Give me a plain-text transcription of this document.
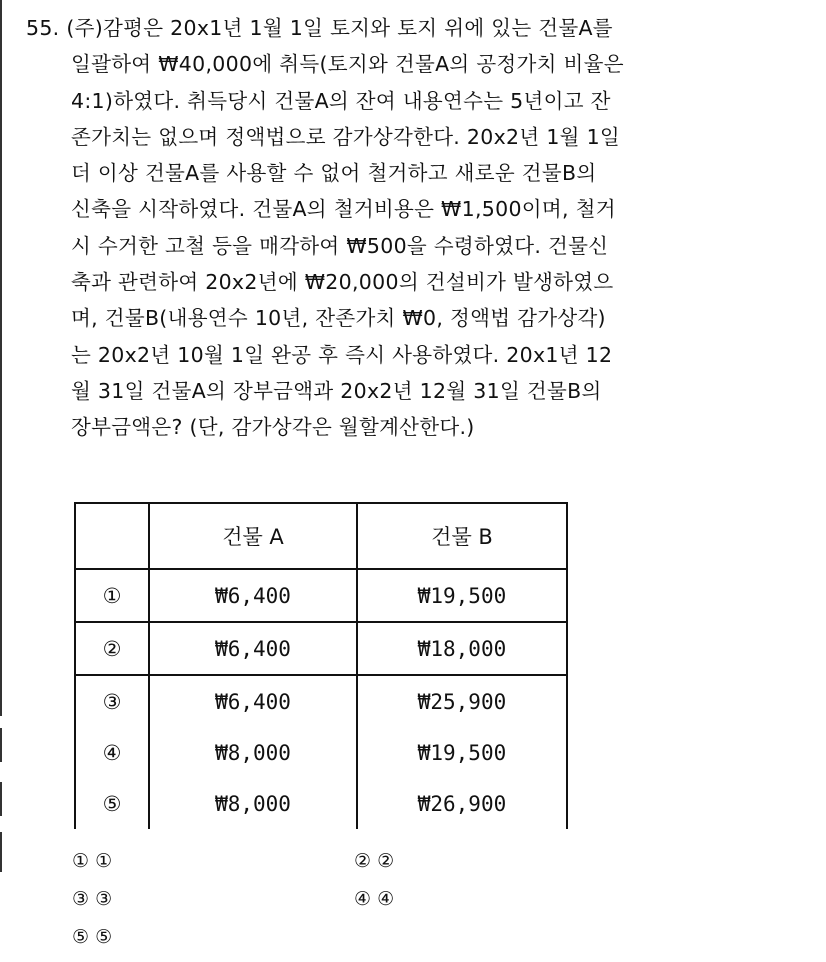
55. (주)감평은 20x1년 1월 1일 토지와 토지 위에 있는 건물A를
일괄하여 ₩40,000에 취득(토지와 건물A의 공정가치 비율은
4:1)하였다. 취득당시 건물A의 잔여 내용연수는 5년이고 잔
존가치는 없으며 정액법으로 감가상각한다. 20x2년 1월 1일
더 이상 건물A를 사용할 수 없어 철거하고 새로운 건물B의
신축을 시작하였다. 건물A의 철거비용은 ₩1,500이며, 철거
시 수거한 고철 등을 매각하여 ₩500을 수령하였다. 건물신
축과 관련하여 20x2년에 ₩20,000의 건설비가 발생하였으
며, 건물B(내용연수 10년, 잔존가치 ₩0, 정액법 감가상각)
는 20x2년 10월 1일 완공 후 즉시 사용하였다. 20x1년 12
월 31일 건물A의 장부금액과 20x2년 12월 31일 건물B의
장부금액은? (단, 감가상각은 월할계산한다.)
	건물 A	건물 B
①	₩6,400	₩19,500
②	₩6,400	₩18,000
③	₩6,400	₩25,900
④	₩8,000	₩19,500
⑤	₩8,000	₩26,900
① ①	② ②
③ ③	④ ④
⑤ ⑤
